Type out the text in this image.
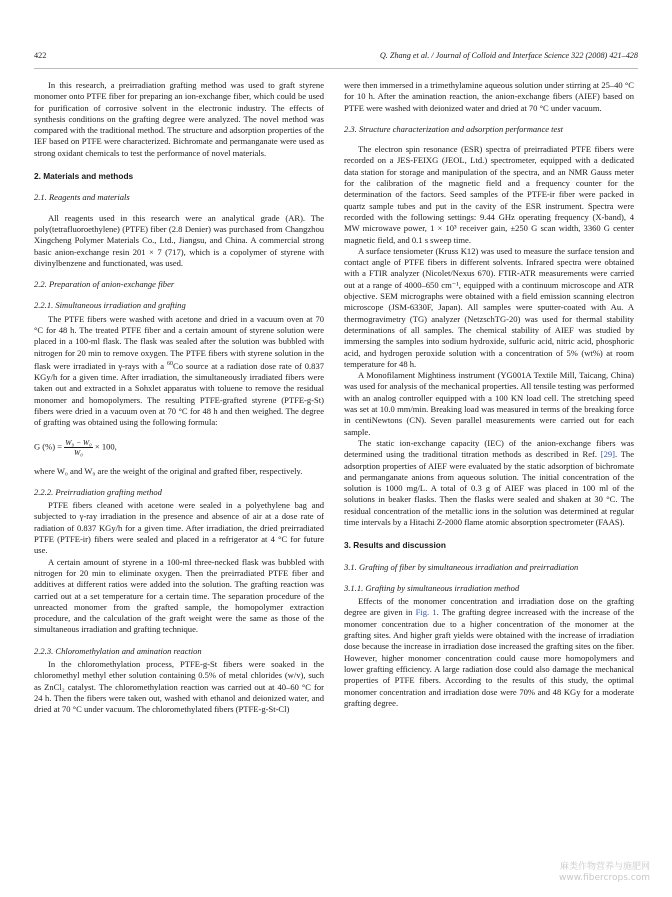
422	Q. Zhang et al. / Journal of Colloid and Interface Science 322 (2008) 421–428

In this research, a preirradiation grafting method was used to graft styrene monomer onto PTFE fiber for preparing an ion-exchange fiber, which could be used for purification of corrosive solvent in the electronic industry. The effects of synthesis conditions on the grafting degree were analyzed. The novel method was compared with the traditional method. The structure and adsorption properties of the IEF based on PTFE were characterized. Bichromate and permanganate were used as strong oxidant chemicals to test the performance of novel materials.

2. Materials and methods
2.1. Reagents and materials

All reagents used in this research were an analytical grade (AR). The poly(tetrafluoroethylene) (PTFE) fiber (2.8 Denier) was purchased from Changzhou Xingcheng Polymer Materials Co., Ltd., Jiangsu, and China. A commercial strong basic anion-exchange resin 201 × 7 (717), which is a copolymer of styrene with divinylbenzene and functionated, was used.

2.2. Preparation of anion-exchange fiber
2.2.1. Simultaneous irradiation and grafting

The PTFE fibers were washed with acetone and dried in a vacuum oven at 70 °C for 48 h. The treated PTFE fiber and a certain amount of styrene solution were placed in a 100-ml flask. The flask was sealed after the solution was bubbled with nitrogen for 20 min to remove oxygen. The PTFE fibers with styrene solution in the flask were irradiated in γ-rays with a $^{60}$Co source at a radiation dose rate of 0.837 KGy/h for a given time. After irradiation, the simultaneously irradiated fibers were taken out and extracted in a Sohxlet apparatus with toluene to remove the residual monomer and homopolymers. The resulting PTFE-grafted styrene (PTFE-g-St) fibers were dried in a vacuum oven at 70 °C for 48 h and then weighed. The degree of grafting was obtained using the following formula:

G (%) = $\frac{\text{W₉ − W₀}}{\text{W₀}} \times 100$,

where W₀ and W₉ are the weight of the original and grafted fiber, respectively.

2.2.2. Preirradiation grafting method

PTFE fibers cleaned with acetone were sealed in a polyethylene bag and subjected to γ-ray irradiation in the presence and absence of air at a dose rate of radiation of 0.837 KGy/h for a given time. After irradiation, the dried preirradiated PTFE (PTFE-ir) fibers were sealed and placed in a refrigerator at 4 °C for future use.

A certain amount of styrene in a 100-ml three-necked flask was bubbled with nitrogen for 20 min to eliminate oxygen. Then the preirradiated PTFE fiber and additives at different ratios were added into the solution. The grafting reaction was carried out at a set temperature for a certain time. The separation procedure of the unreacted monomer from the grafted sample, the homopolymer extraction procedure, and the calculation of the graft weight were the same as those of the simultaneous irradiation and grafting technique.

2.2.3. Chloromethylation and amination reaction

In the chloromethylation process, PTFE-g-St fibers were soaked in the chloromethyl methyl ether solution containing 0.5% of metal chlorides (w/v), such as ZnCl₂ catalyst. The chloromethylation reaction was carried out at 40–60 °C for 24 h. Then the fibers were taken out, washed with ethanol and deionized water, and dried at 70 °C under vacuum. The chloromethylated fibers (PTFE-g-St-Cl)

were then immersed in a trimethylamine aqueous solution under stirring at 25–40 °C for 10 h. After the amination reaction, the anion-exchange fibers (AIEF) based on PTFE were washed with deionized water and dried at 70 °C under vacuum.

2.3. Structure characterization and adsorption performance test

The electron spin resonance (ESR) spectra of preirradiated PTFE fibers were recorded on a JES-FEIXG (JEOL, Ltd.) spectrometer, equipped with a dedicated data station for storage and manipulation of the spectra, and an NMR Gauss meter for the calibration of the magnetic field and a frequency counter for the determination of the factors. Seed samples of the PTFE-ir fiber were packed in quartz sample tubes and put in the cavity of the ESR instrument. Spectra were recorded with the following settings: 9.44 GHz operating frequency (X-band), 4 MW microwave power, 1 × 10³ receiver gain, ±250 G scan width, 3360 G center magnetic field, and 0.1 s sweep time.

A surface tensiometer (Kruss K12) was used to measure the surface tension and contact angle of PTFE fibers in different solvents. Infrared spectra were obtained with a FTIR analyzer (Nicolet/Nexus 670). FTIR-ATR measurements were carried out at a range of 4000–650 cm⁻¹, equipped with a continuum microscope and ATR objective. SEM micrographs were obtained with a field emission scanning electron microscope (JSM-6330F, Japan). All samples were sputter-coated with Au. A thermogravimetry (TG) analyzer (NetzschTG-20) was used for thermal stability determinations of all samples. The chemical stability of AIEF was studied by immersing the samples into sodium hydroxide, sulfuric acid, nitric acid, phosphoric acid, and hydrogen peroxide solution with a concentration of 5% (wt%) at room temperature for 48 h.

A Monofilament Mightiness instrument (YG001A Textile Mill, Taicang, China) was used for analysis of the mechanical properties. All tensile testing was performed with an analog controller equipped with a 100 KN load cell. The stretching speed was set at 10.0 mm/min. Breaking load was measured in terms of the breaking force in centiNewtons (CN). Seven parallel measurements were carried out for each sample.

The static ion-exchange capacity (IEC) of the anion-exchange fibers was determined using the traditional titration methods as described in Ref. [29]. The adsorption properties of AIEF were evaluated by the static adsorption of bichromate and permanganate anions from aqueous solution. The initial concentration of the solution is 1000 mg/L. A total of 0.3 g of AIEF was placed in 100 ml of the solutions in beaker flasks. Then the flasks were sealed and shaken at 30 °C. The residual concentration of the metallic ions in the solution was determined at regular time intervals by a Hitachi Z-2000 flame atomic absorption spectrometer (FAAS).

3. Results and discussion
3.1. Grafting of fiber by simultaneous irradiation and preirradiation
3.1.1. Grafting by simultaneous irradiation method

Effects of the monomer concentration and irradiation dose on the grafting degree are given in Fig. 1. The grafting degree increased with the increase of the monomer concentration due to a higher concentration of the monomer at the grafting sites. And higher graft yields were obtained with the increase of irradiation dose because the increase in irradiation dose increased the grafting sites on the fiber. However, higher monomer concentration could cause more homopolymers and lower grafting efficiency. A large radiation dose could also damage the mechanical properties of PTFE fibers. According to the results of this study, the optimal monomer concentration and irradiation dose were 70% and 48 KGy for a moderate grafting degree.

麻类作物营养与施肥网
www.fibercrops.com
